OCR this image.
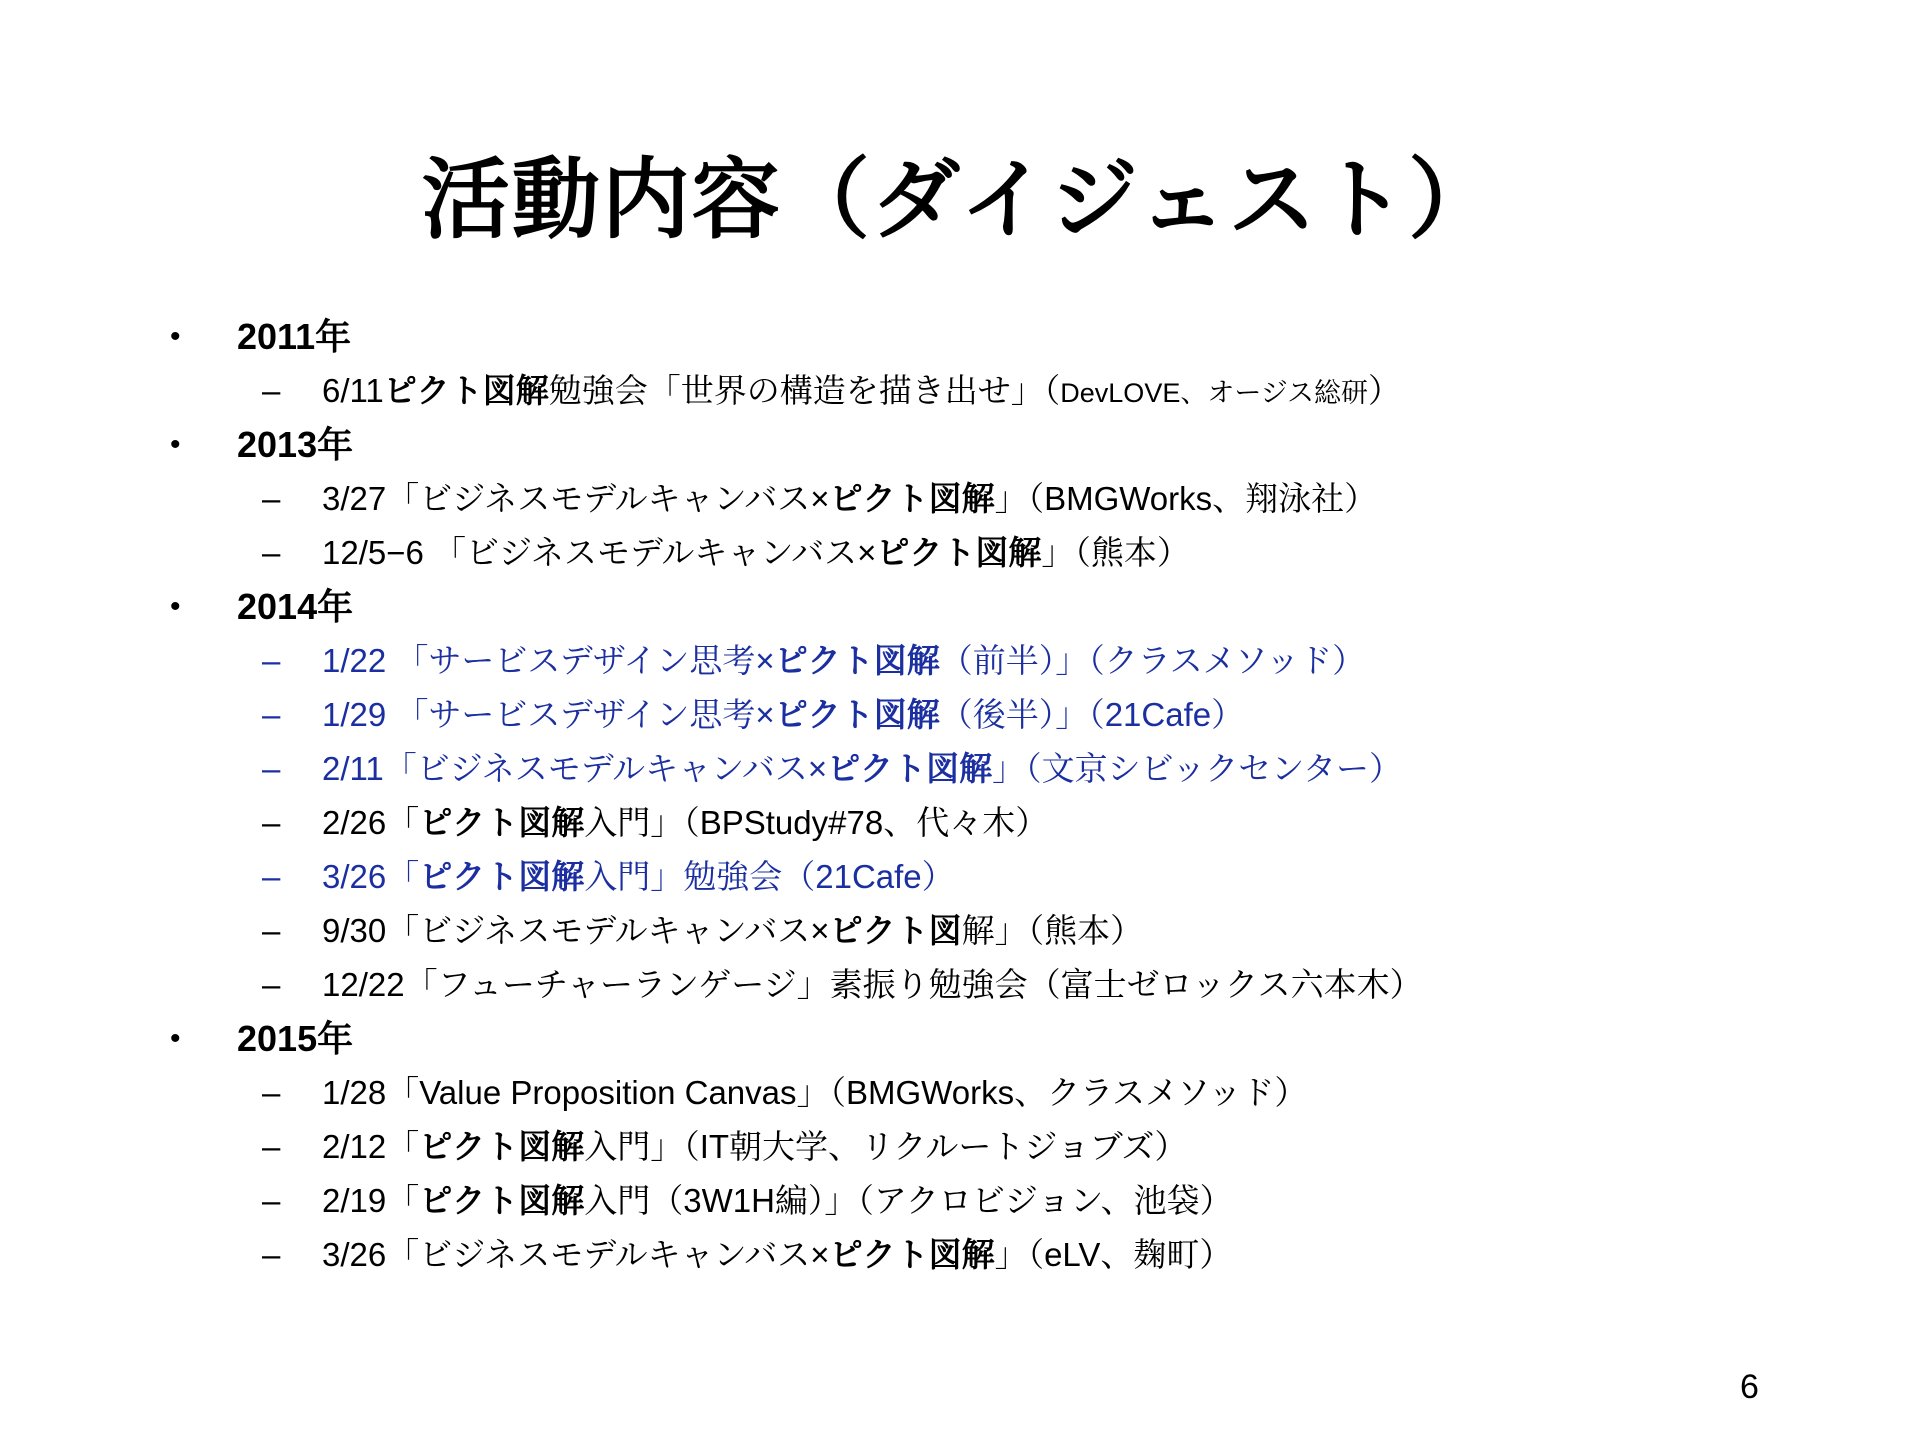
活動内容（ダイジェスト）
• 2011年
– 6/11ピクト図解勉強会「世界の構造を描き出せ」（DevLOVE、オージス総研）
• 2013年
– 3/27「ビジネスモデルキャンバス×ピクト図解」（BMGWorks、翔泳社）
– 12/5−6 「ビジネスモデルキャンバス×ピクト図解」（熊本）
• 2014年
– 1/22 「サービスデザイン思考×ピクト図解（前半）」（クラスメソッド）
– 1/29 「サービスデザイン思考×ピクト図解（後半）」（21Cafe）
– 2/11「ビジネスモデルキャンバス×ピクト図解」（文京シビックセンター）
– 2/26「ピクト図解入門」（BPStudy#78、代々木）
– 3/26「ピクト図解入門」勉強会（21Cafe）
– 9/30「ビジネスモデルキャンバス×ピクト図解」（熊本）
– 12/22「フューチャーランゲージ」素振り勉強会（富士ゼロックス六本木）
• 2015年
– 1/28「Value Proposition Canvas」（BMGWorks、クラスメソッド）
– 2/12「ピクト図解入門」（IT朝大学、リクルートジョブズ）
– 2/19「ピクト図解入門（3W1H編）」（アクロビジョン、池袋）
– 3/26「ビジネスモデルキャンバス×ピクト図解」（eLV、麹町）
6
